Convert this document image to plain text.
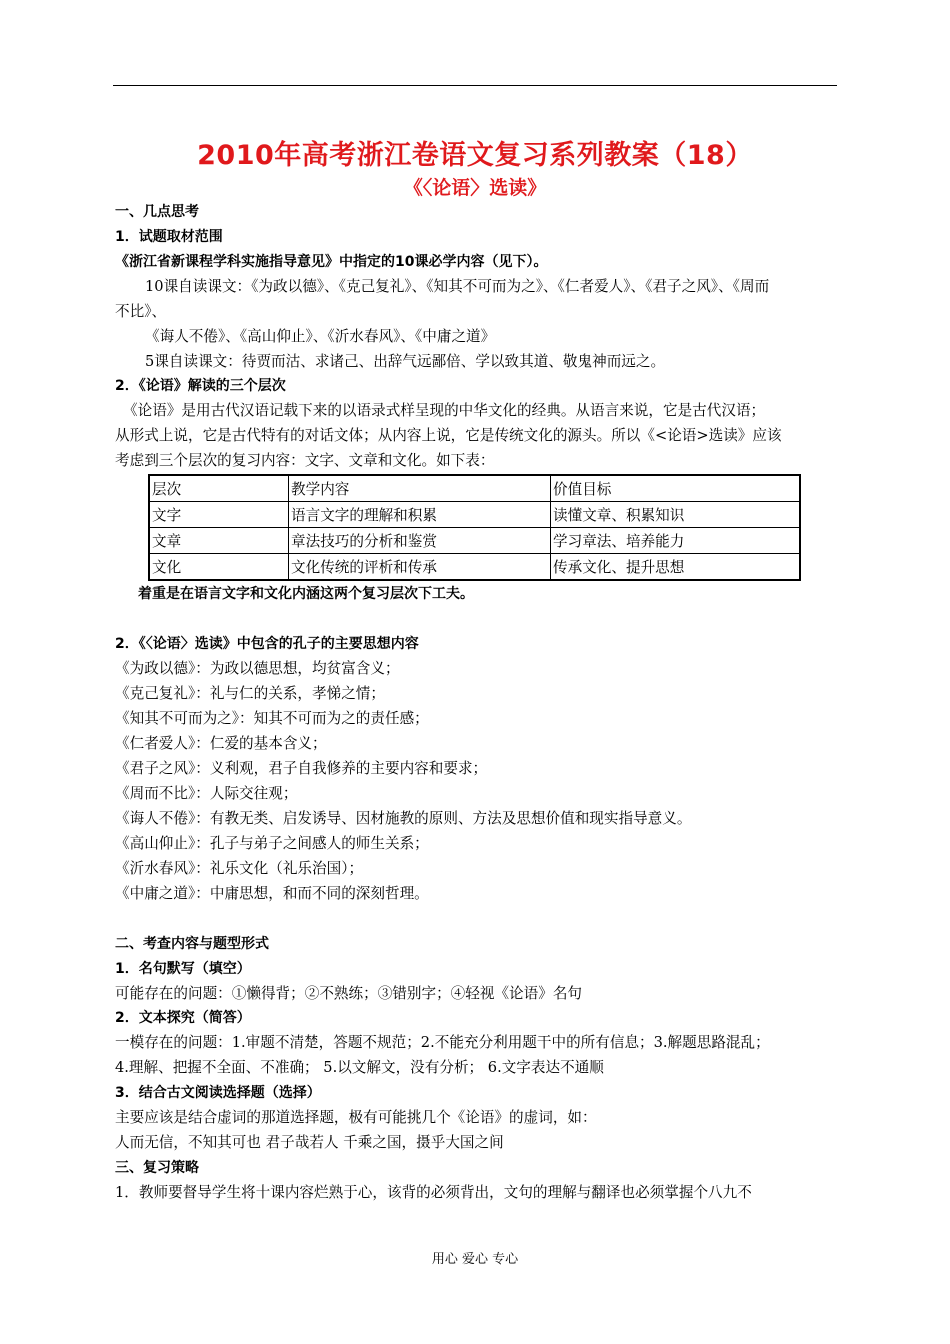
2010年高考浙江卷语文复习系列教案（18）
《〈论语〉选读》
一、几点思考
1．试题取材范围
《浙江省新课程学科实施指导意见》中指定的10课必学内容（见下）。
10课自读课文：《为政以德》、《克己复礼》、《知其不可而为之》、《仁者爱人》、《君子之风》、《周而
不比》、
《诲人不倦》、《高山仰止》、《沂水春风》、《中庸之道》
5课自读课文：待贾而沽、求诸己、出辞气远鄙倍、学以致其道、敬鬼神而远之。
2．《论语》解读的三个层次
《论语》是用古代汉语记载下来的以语录式样呈现的中华文化的经典。从语言来说，它是古代汉语；
从形式上说，它是古代特有的对话文体；从内容上说，它是传统文化的源头。所以《<论语>选读》应该
考虑到三个层次的复习内容：文字、文章和文化。如下表：
层次	教学内容	价值目标
文字	语言文字的理解和积累	读懂文章、积累知识
文章	章法技巧的分析和鉴赏	学习章法、培养能力
文化	文化传统的评析和传承	传承文化、提升思想
着重是在语言文字和文化内涵这两个复习层次下工夫。
2．《〈论语〉选读》中包含的孔子的主要思想内容
《为政以德》：为政以德思想，均贫富含义；
《克己复礼》：礼与仁的关系，孝悌之情；
《知其不可而为之》：知其不可而为之的责任感；
《仁者爱人》：仁爱的基本含义；
《君子之风》：义利观，君子自我修养的主要内容和要求；
《周而不比》：人际交往观；
《诲人不倦》：有教无类、启发诱导、因材施教的原则、方法及思想价值和现实指导意义。
《高山仰止》：孔子与弟子之间感人的师生关系；
《沂水春风》：礼乐文化（礼乐治国）；
《中庸之道》：中庸思想，和而不同的深刻哲理。
二、考查内容与题型形式
1．名句默写（填空）
可能存在的问题：①懒得背；②不熟练；③错别字；④轻视《论语》名句
2．文本探究（简答）
一模存在的问题：1.审题不清楚，答题不规范；2.不能充分利用题干中的所有信息；3.解题思路混乱；
4.理解、把握不全面、不准确； 5.以文解文，没有分析； 6.文字表达不通顺
3．结合古文阅读选择题（选择）
主要应该是结合虚词的那道选择题，极有可能挑几个《论语》的虚词，如：
人而无信，不知其可也 君子哉若人 千乘之国，摄乎大国之间
三、复习策略
1．教师要督导学生将十课内容烂熟于心，该背的必须背出，文句的理解与翻译也必须掌握个八九不
用心 爱心 专心
